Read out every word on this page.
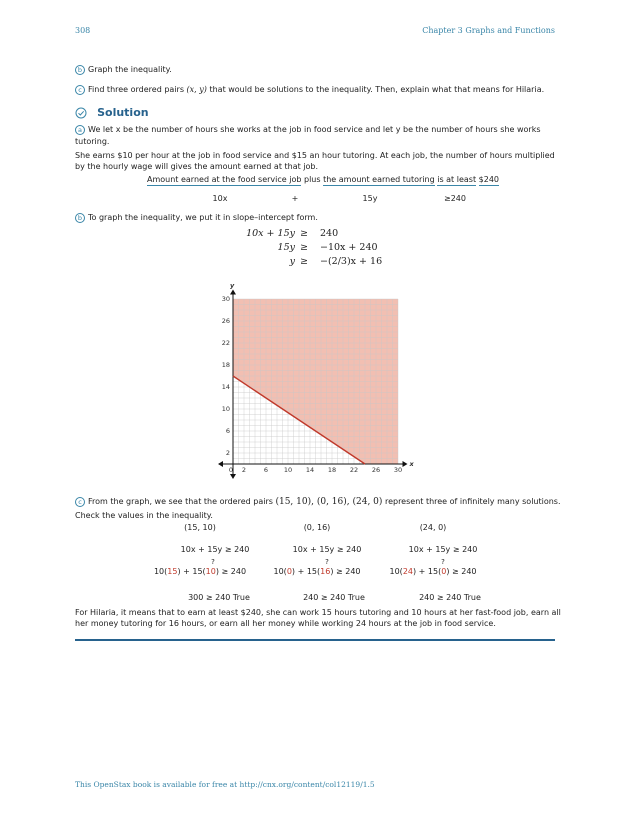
308	Chapter 3 Graphs and Functions
b Graph the inequality.
c Find three ordered pairs (x, y) that would be solutions to the inequality. Then, explain what that means for Hilaria.
Solution
a We let x be the number of hours she works at the job in food service and let y be the number of hours she works
tutoring.
She earns $10 per hour at the job in food service and $15 an hour tutoring. At each job, the number of hours multiplied
by the hourly wage will gives the amount earned at that job.
Amount earned at the food service job plus the amount earned tutoring is at least $240
10x	+	15y	≥240
b To graph the inequality, we put it in slope–intercept form.
10x + 15y ≥ 240
15y ≥ −10x + 240
y ≥ −(2/3)x + 16
x
y
0 2	6 10 14 18 22 26 30
2
6
10
14
18
22
26
30
c From the graph, we see that the ordered pairs (15, 10), (0, 16), (24, 0) represent three of infinitely many solutions.
Check the values in the inequality.
(15, 10)
10x + 15y ≥ 240
?
10(15) + 15(10) ≥ 240
300 ≥ 240 True
(0, 16)
10x + 15y ≥ 240
?
10(0) + 15(16) ≥ 240
240 ≥ 240 True
(24, 0)
10x + 15y ≥ 240
?
10(24) + 15(0) ≥ 240
240 ≥ 240 True
For Hilaria, it means that to earn at least $240, she can work 15 hours tutoring and 10 hours at her fast-food job, earn all
her money tutoring for 16 hours, or earn all her money while working 24 hours at the job in food service.
This OpenStax book is available for free at http://cnx.org/content/col12119/1.5
